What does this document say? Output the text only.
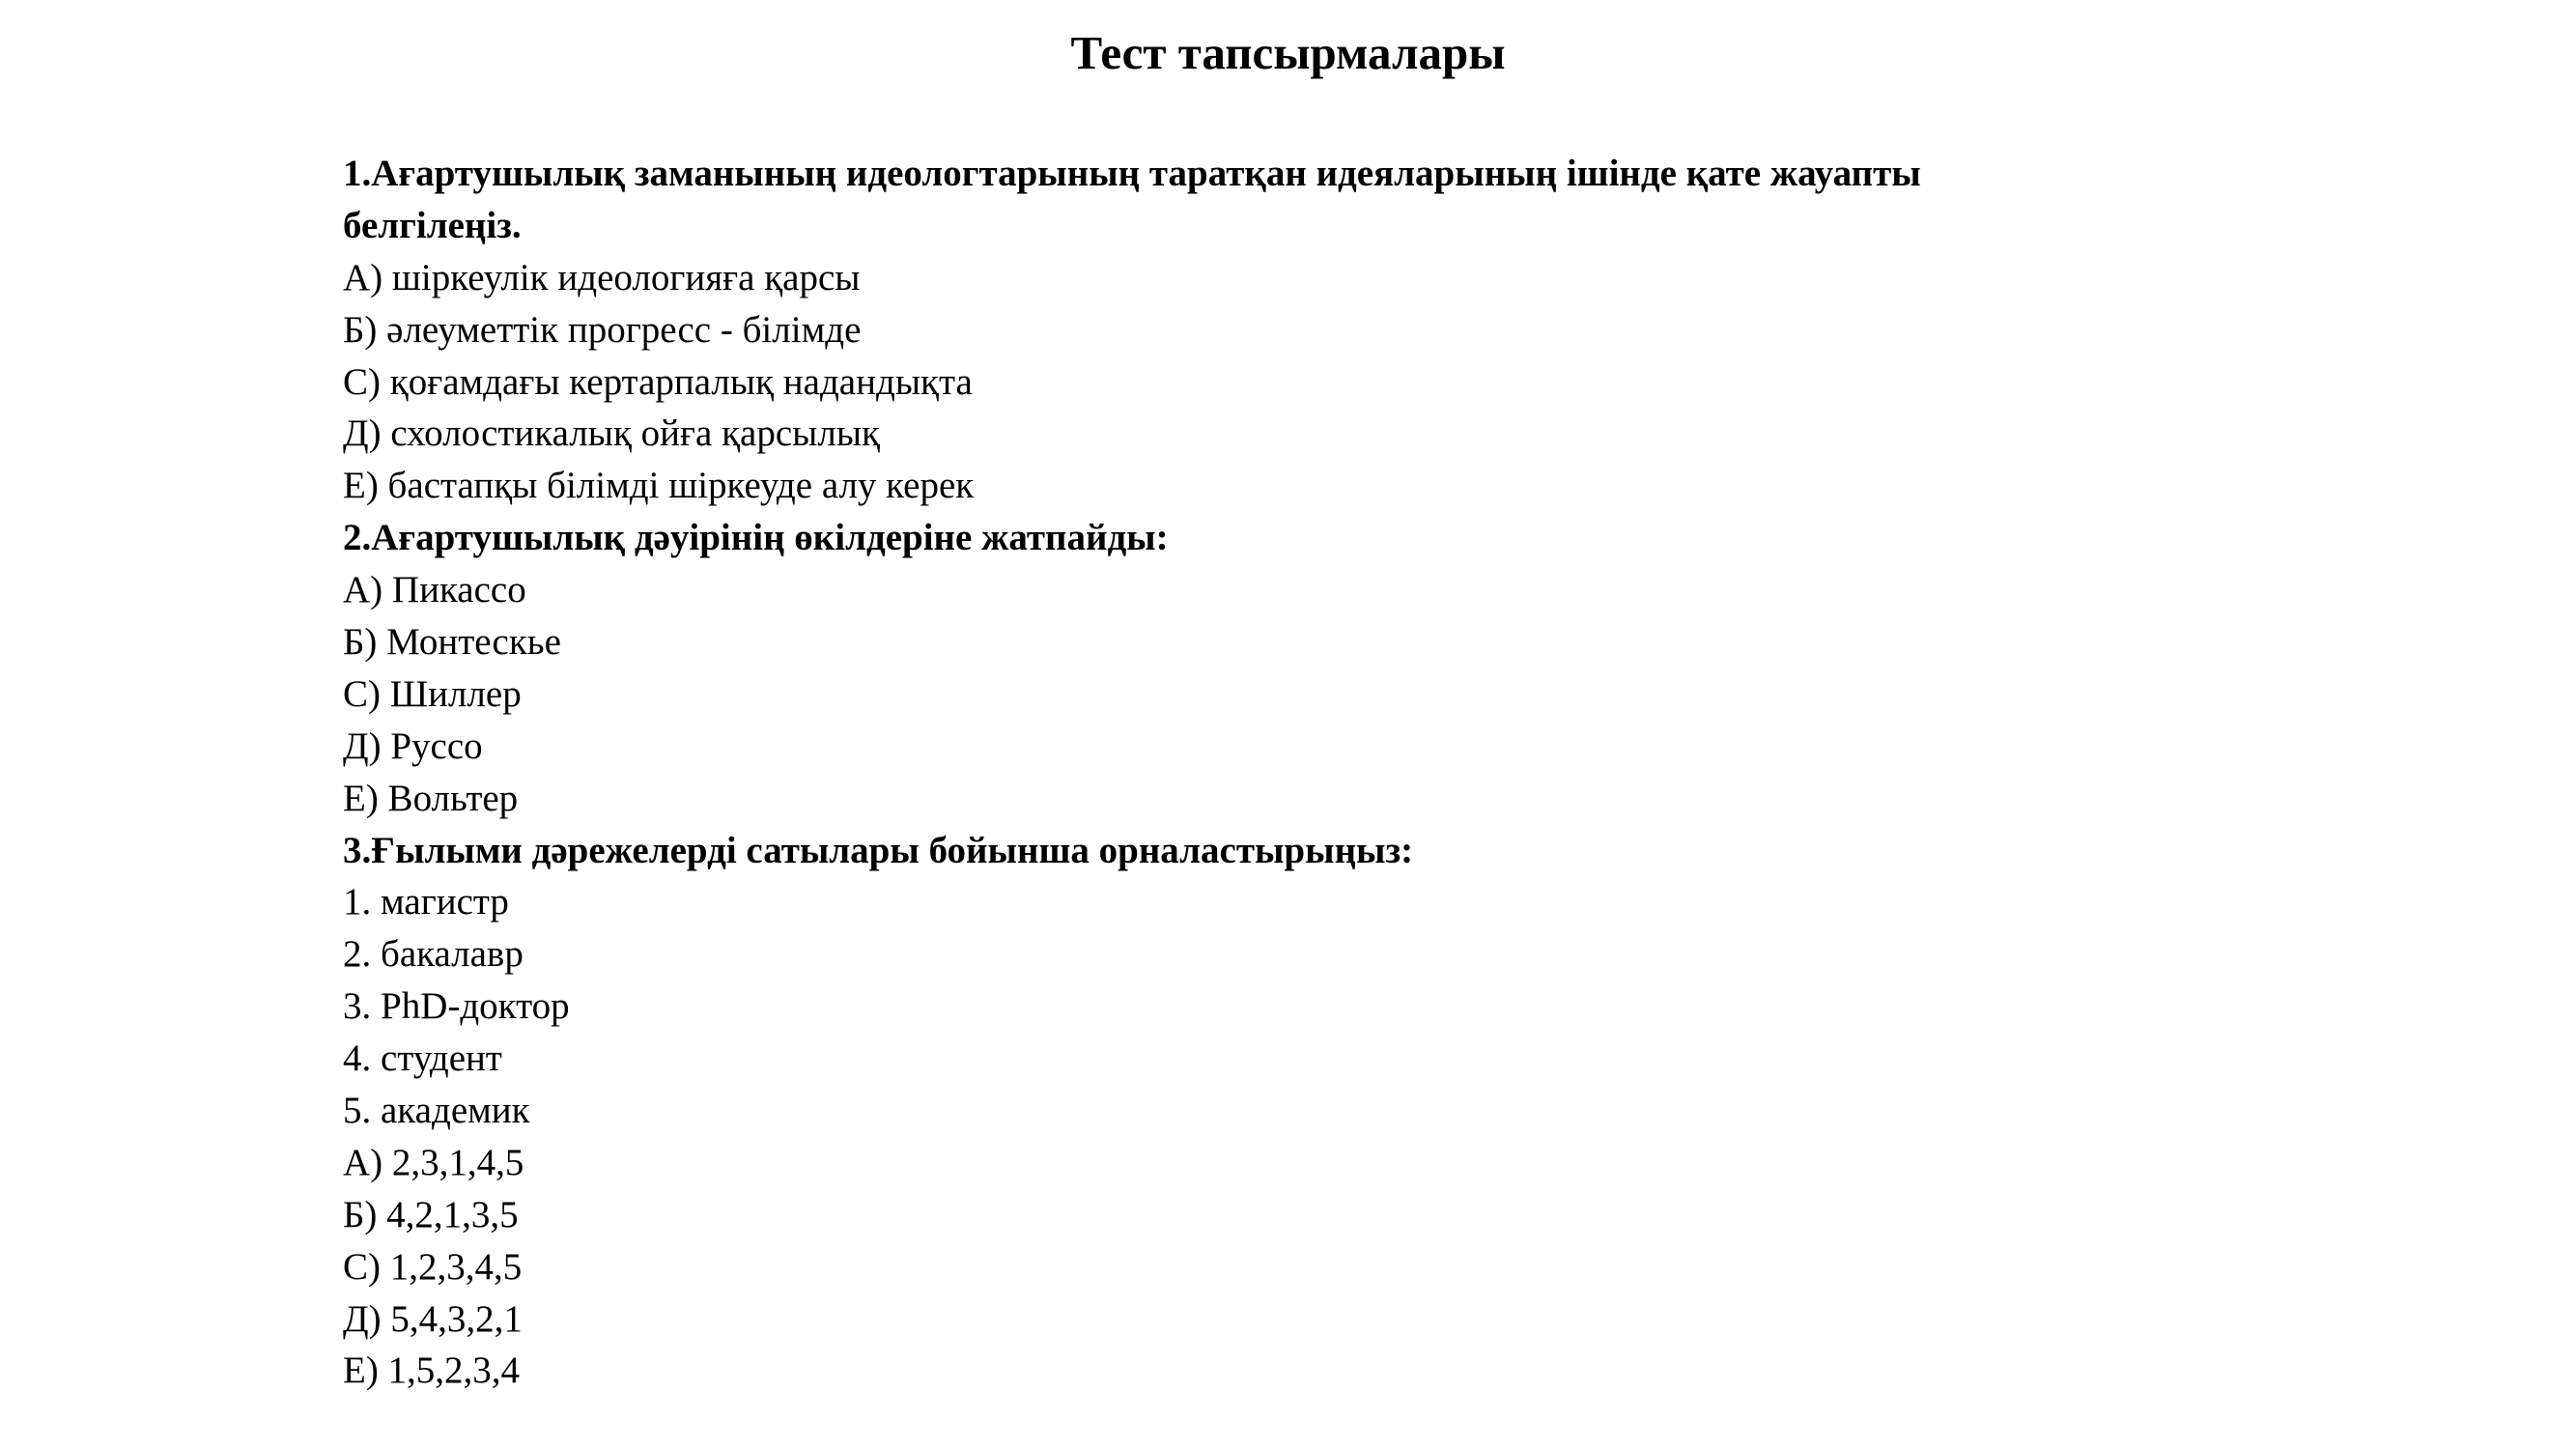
Тест тапсырмалары
1.Ағартушылық заманының идеологтарының таратқан идеяларының ішінде қате жауапты
белгілеңіз.
А) шіркеулік идеологияға қарсы
Б) әлеуметтік прогресс - білімде
С) қоғамдағы кертарпалық надандықта
Д) схолостикалық ойға қарсылық
Е) бастапқы білімді шіркеуде алу керек
2.Ағартушылық дәуірінің өкілдеріне жатпайды:
А) Пикассо
Б) Монтескье
С) Шиллер
Д) Руссо
Е) Вольтер
3.Ғылыми дәрежелерді сатылары бойынша орналастырыңыз:
1. магистр
2. бакалавр
3. PhD-доктор
4. студент
5. академик
А) 2,3,1,4,5
Б) 4,2,1,3,5
С) 1,2,3,4,5
Д) 5,4,3,2,1
Е) 1,5,2,3,4
